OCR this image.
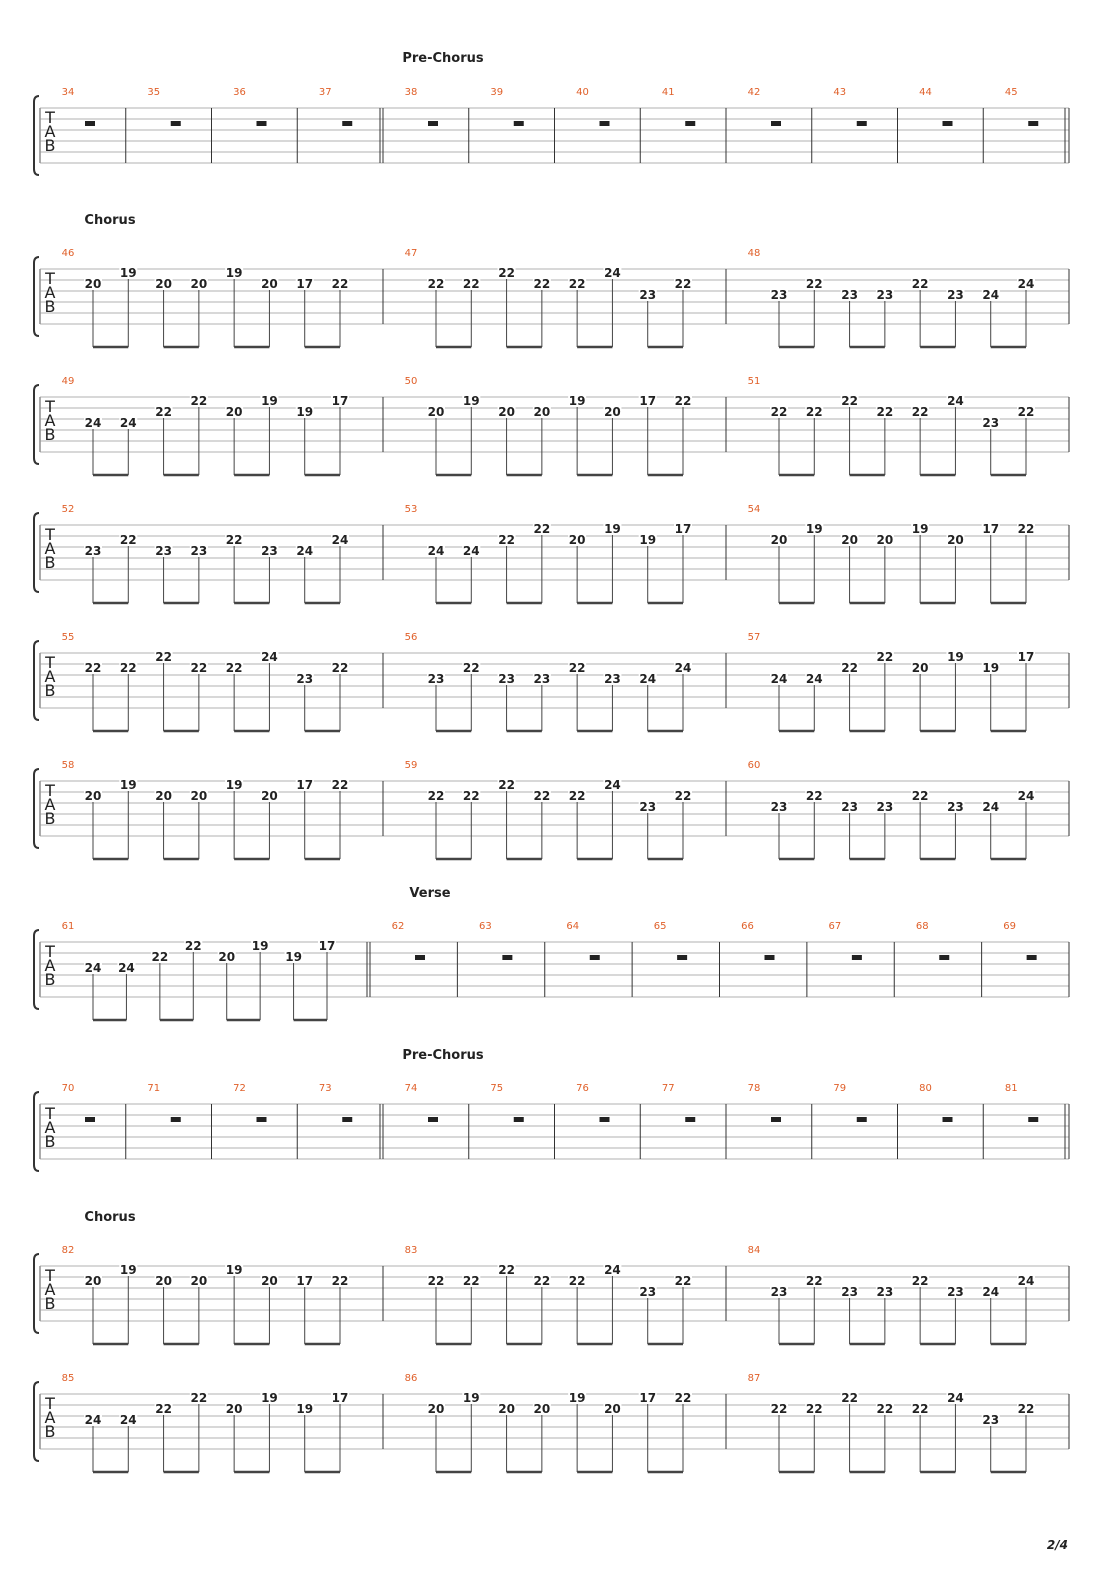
T
A
B
34	35	36	37	38
Pre-Chorus
39	40	41	42	43	44	45
T
A
B
46
Chorus
20
19
20 20
19
20 17 22
47
22 22
22
22 22
24
23
22
48
23
22
23 23
22
23 24
24
T
A
B
49
24 24
22
22
20
19
19
17
50
20
19
20 20
19
20
17 22
51
22 22
22
22 22
24
23
22
T
A
B
52
23
22
23 23
22
23 24
24
53
24 24
22
22
20
19
19
17
54
20
19
20 20
19
20
17 22
T
A
B
55
22 22
22
22 22
24
23
22
56
23
22
23 23
22
23 24
24
57
24 24
22
22
20
19
19
17
T
A
B
58
20
19
20 20
19
20
17 22
59
22 22
22
22 22
24
23
22
60
23
22
23 23
22
23 24
24
T
A
B
61
24 24
22
22
20
19
19
17
62
Verse
63	64	65	66	67	68	69
T
A
B
70	71	72	73	74
Pre-Chorus
75	76	77	78	79	80	81
T
A
B
82
Chorus
20
19
20 20
19
20 17 22
83
22 22
22
22 22
24
23
22
84
23
22
23 23
22
23 24
24
T
A
B
85
24 24
22
22
20
19
19
17
86
20
19
20 20
19
20
17 22
87
22 22
22
22 22
24
23
22
2/4
